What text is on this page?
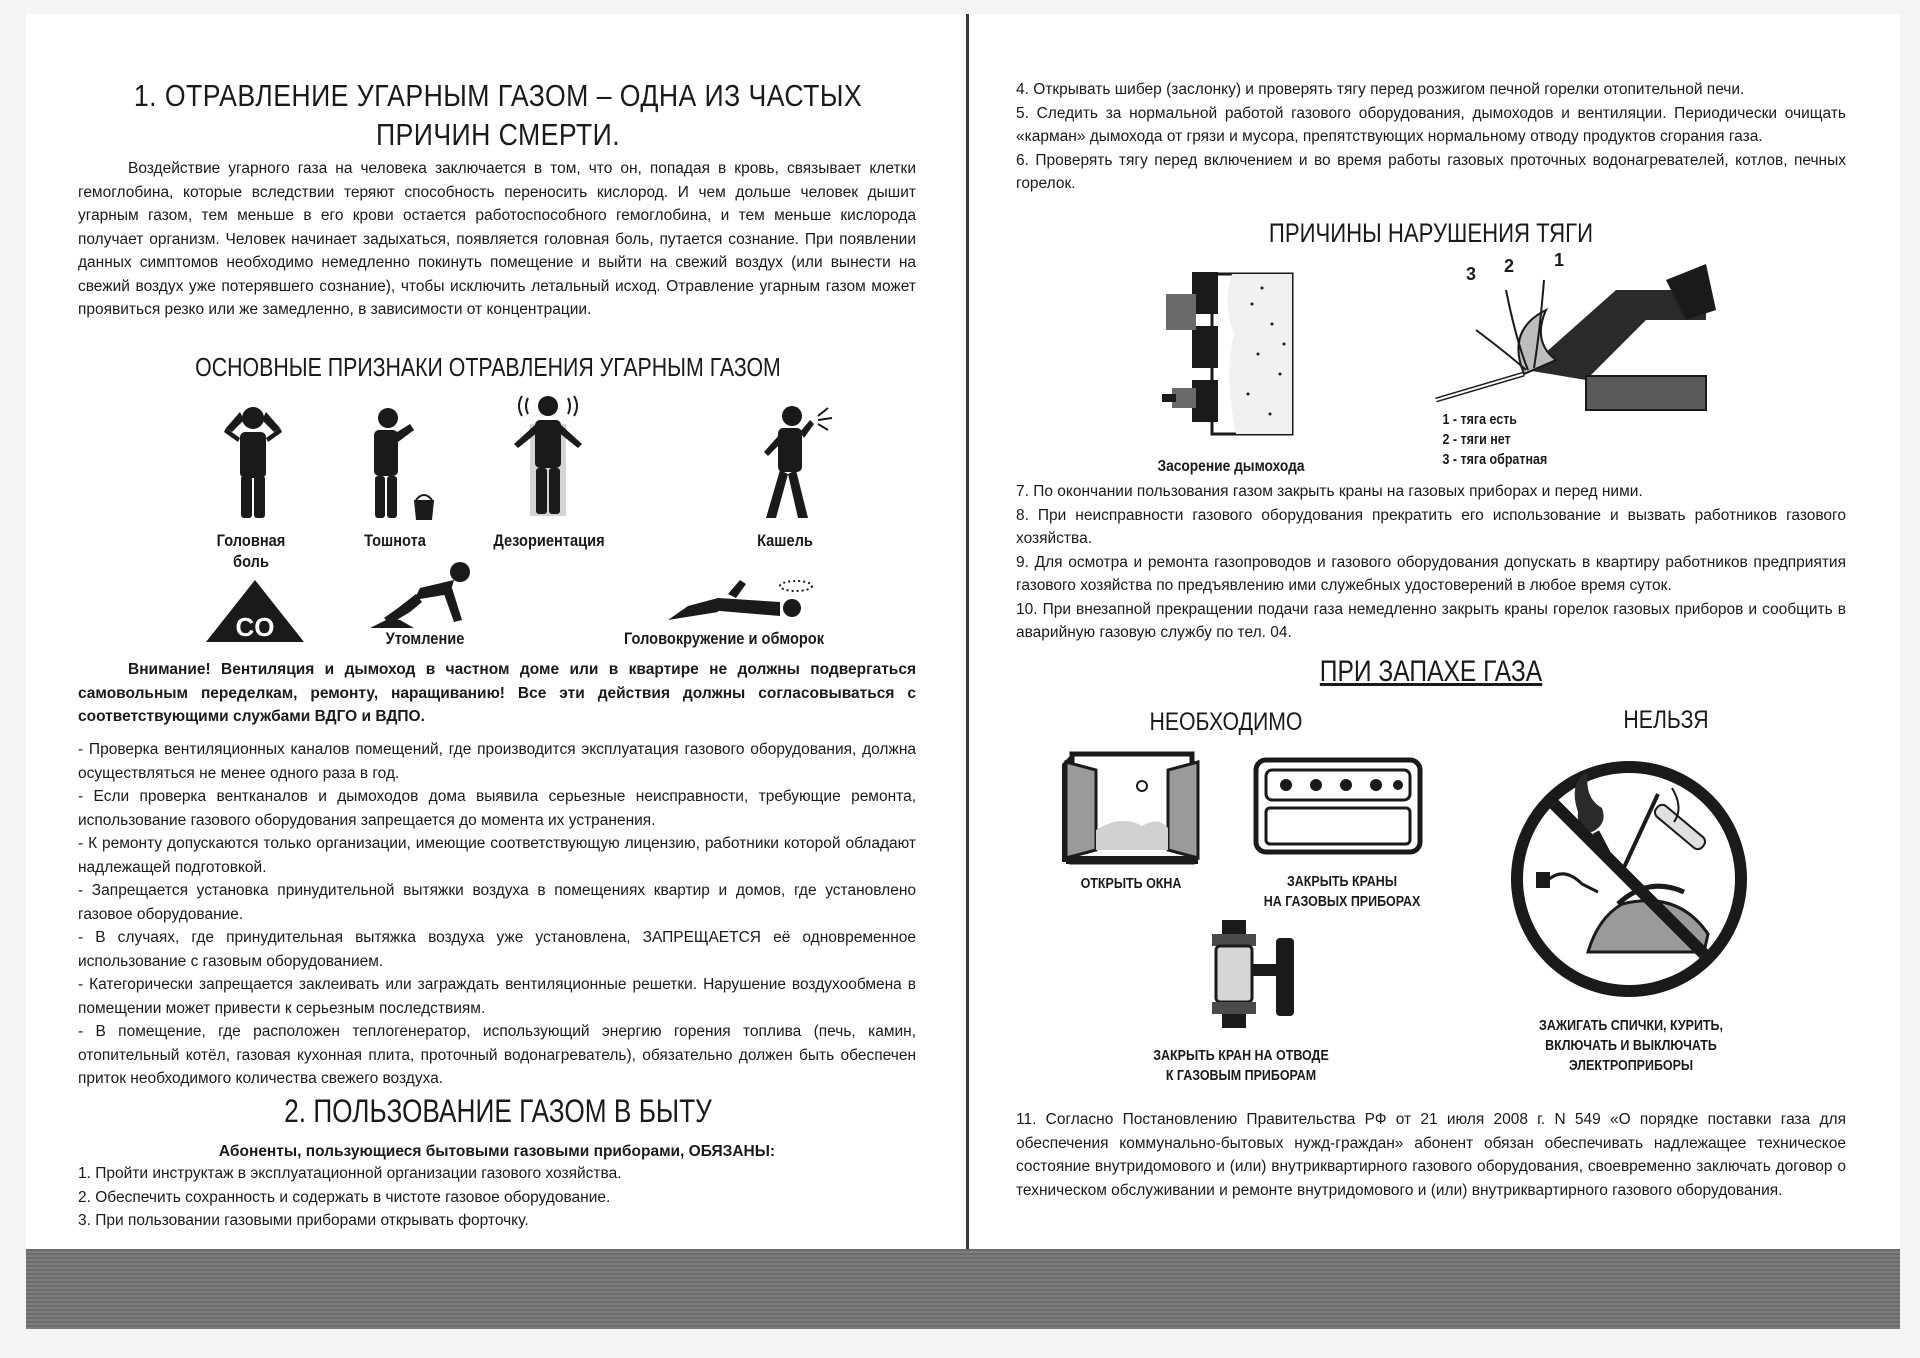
1. ОТРАВЛЕНИЕ УГАРНЫМ ГАЗОМ – ОДНА ИЗ ЧАСТЫХ
ПРИЧИН СМЕРТИ.
Воздействие угарного газа на человека заключается в том, что он, попадая в кровь, связывает клетки гемоглобина, которые вследствии теряют способность переносить кислород. И чем дольше человек дышит угарным газом, тем меньше в его крови остается работоспособного гемоглобина, и тем меньше кислорода получает организм. Человек начинает задыхаться, появляется головная боль, путается сознание. При появлении данных симптомов необходимо немедленно покинуть помещение и выйти на свежий воздух (или вынести на свежий воздух уже потерявшего сознание), чтобы исключить летальный исход. Отравление угарным газом может проявиться резко или же замедленно, в зависимости от концентрации.
ОСНОВНЫЕ ПРИЗНАКИ ОТРАВЛЕНИЯ УГАРНЫМ ГАЗОМ
Головная
боль
Тошнота	Дезориентация	Кашель
CO	Утомление	Головокружение и обморок
Внимание! Вентиляция и дымоход в частном доме или в квартире не должны подвергаться самовольным переделкам, ремонту, наращиванию! Все эти действия должны согласовываться с соответствующими службами ВДГО и ВДПО.
- Проверка вентиляционных каналов помещений, где производится эксплуатация газового оборудования, должна осуществляться не менее одного раза в год.
- Если проверка вентканалов и дымоходов дома выявила серьезные неисправности, требующие ремонта, использование газового оборудования запрещается до момента их устранения.
- К ремонту допускаются только организации, имеющие соответствующую лицензию, работники которой обладают надлежащей подготовкой.
- Запрещается установка принудительной вытяжки воздуха в помещениях квартир и домов, где установлено газовое оборудование.
- В случаях, где принудительная вытяжка воздуха уже установлена, ЗАПРЕЩАЕТСЯ её одновременное использование с газовым оборудованием.
- Категорически запрещается заклеивать или заграждать вентиляционные решетки. Нарушение воздухообмена в помещении может привести к серьезным последствиям.
- В помещение, где расположен теплогенератор, использующий энергию горения топлива (печь, камин, отопительный котёл, газовая кухонная плита, проточный водонагреватель), обязательно должен быть обеспечен приток необходимого количества свежего воздуха.
2. ПОЛЬЗОВАНИЕ ГАЗОМ В БЫТУ
Абоненты, пользующиеся бытовыми газовыми приборами, ОБЯЗАНЫ:
1. Пройти инструктаж в эксплуатационной организации газового хозяйства.
2. Обеспечить сохранность и содержать в чистоте газовое оборудование.
3. При пользовании газовыми приборами открывать форточку.
4. Открывать шибер (заслонку) и проверять тягу перед розжигом печной горелки отопительной печи.
5. Следить за нормальной работой газового оборудования, дымоходов и вентиляции. Периодически очищать «карман» дымохода от грязи и мусора, препятствующих нормальному отводу продуктов сгорания газа.
6. Проверять тягу перед включением и во время работы газовых проточных водонагревателей, котлов, печных горелок.
ПРИЧИНЫ НАРУШЕНИЯ ТЯГИ
Засорение дымохода
3 2 1
1 - тяга есть
2 - тяги нет
3 - тяга обратная
7. По окончании пользования газом закрыть краны на газовых приборах и перед ними.
8. При неисправности газового оборудования прекратить его использование и вызвать работников газового хозяйства.
9. Для осмотра и ремонта газопроводов и газового оборудования допускать в квартиру работников предприятия газового хозяйства по предъявлению ими служебных удостоверений в любое время суток.
10. При внезапной прекращении подачи газа немедленно закрыть краны горелок газовых приборов и сообщить в аварийную газовую службу по тел. 04.
ПРИ ЗАПАХЕ ГАЗА
НЕОБХОДИМО	НЕЛЬЗЯ
ОТКРЫТЬ ОКНА	ЗАКРЫТЬ КРАНЫ
НА ГАЗОВЫХ ПРИБОРАХ
ЗАКРЫТЬ КРАН НА ОТВОДЕ
К ГАЗОВЫМ ПРИБОРАМ
ЗАЖИГАТЬ СПИЧКИ, КУРИТЬ,
ВКЛЮЧАТЬ И ВЫКЛЮЧАТЬ
ЭЛЕКТРОПРИБОРЫ
11. Согласно Постановлению Правительства РФ от 21 июля 2008 г. N 549 «О порядке поставки газа для обеспечения коммунально-бытовых нужд-граждан» абонент обязан обеспечивать надлежащее техническое состояние внутридомового и (или) внутриквартирного газового оборудования, своевременно заключать договор о техническом обслуживании и ремонте внутридомового и (или) внутриквартирного газового оборудования.
